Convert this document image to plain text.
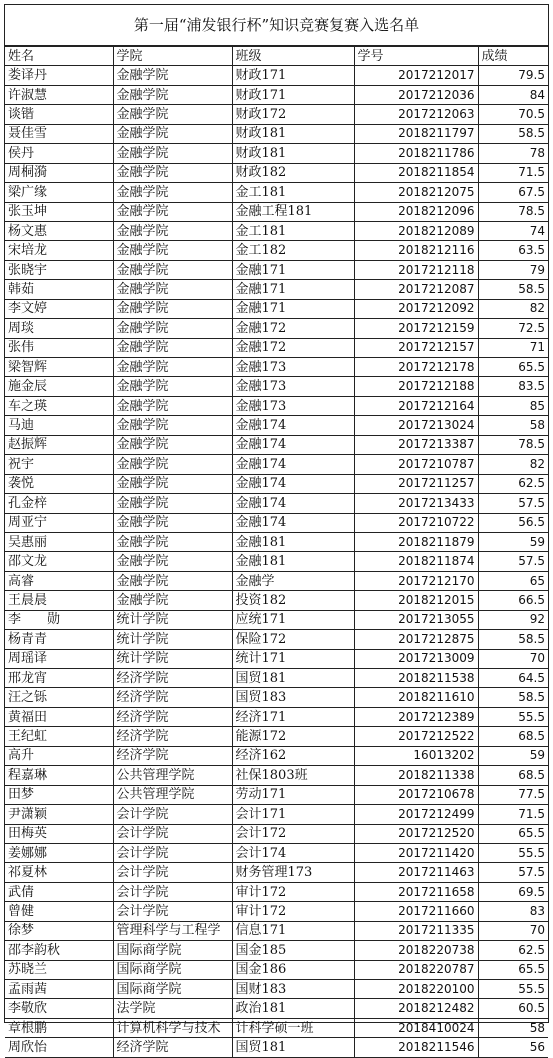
第一届“浦发银行杯”知识竞赛复赛入选名单
姓名	学院	班级	学号	成绩
娄译丹	金融学院	财政171	2017212017	79.5
许淑慧	金融学院	财政171	2017212036	84
谈锴	金融学院	财政172	2017212063	70.5
聂佳雪	金融学院	财政181	2018211797	58.5
侯丹	金融学院	财政181	2018211786	78
周桐漪	金融学院	财政182	2018211854	71.5
梁广缘	金融学院	金工181	2018212075	67.5
张玉坤	金融学院	金融工程181	2018212096	78.5
杨文惠	金融学院	金工181	2018212089	74
宋培龙	金融学院	金工182	2018212116	63.5
张晓宇	金融学院	金融171	2017212118	79
韩茹	金融学院	金融171	2017212087	58.5
李文婷	金融学院	金融171	2017212092	82
周琰	金融学院	金融172	2017212159	72.5
张伟	金融学院	金融172	2017212157	71
梁智辉	金融学院	金融173	2017212178	65.5
施金辰	金融学院	金融173	2017212188	83.5
车之瑛	金融学院	金融173	2017212164	85
马迪	金融学院	金融174	2017213024	58
赵振辉	金融学院	金融174	2017213387	78.5
祝宇	金融学院	金融174	2017210787	82
袭悦	金融学院	金融174	2017211257	62.5
孔金梓	金融学院	金融174	2017213433	57.5
周亚宁	金融学院	金融174	2017210722	56.5
吴惠丽	金融学院	金融181	2018211879	59
邵文龙	金融学院	金融181	2018211874	57.5
高睿	金融学院	金融学	2017212170	65
王晨晨	金融学院	投资182	2018212015	66.5
李　　勋	统计学院	应统171	2017213055	92
杨青青	统计学院	保险172	2017212875	58.5
周瑶译	统计学院	统计171	2017213009	70
邢龙宵	经济学院	国贸181	2018211538	64.5
汪之铄	经济学院	国贸183	2018211610	58.5
黄福田	经济学院	经济171	2017212389	55.5
王纪虹	经济学院	能源172	2017212522	68.5
高升	经济学院	经济162	16013202	59
程嘉琳	公共管理学院	社保1803班	2018211338	68.5
田梦	公共管理学院	劳动171	2017210678	77.5
尹潇颖	会计学院	会计171	2017212499	71.5
田梅英	会计学院	会计172	2017212520	65.5
姜娜娜	会计学院	会计174	2017211420	55.5
祁夏林	会计学院	财务管理173	2017211463	57.5
武倩	会计学院	审计172	2017211658	69.5
曾健	会计学院	审计172	2017211660	83
徐梦	管理科学与工程学	信息171	2017211335	70
邵李韵秋	国际商学院	国金185	2018220738	62.5
苏晓兰	国际商学院	国金186	2018220787	65.5
孟雨茜	国际商学院	国财183	2018220100	55.5
李敬欣	法学院	政治181	2018212482	60.5
章根鹏	计算机科学与技术	计科学硕一班	2018410024	58
周欣怡	经济学院	国贸181	2018211546	56
